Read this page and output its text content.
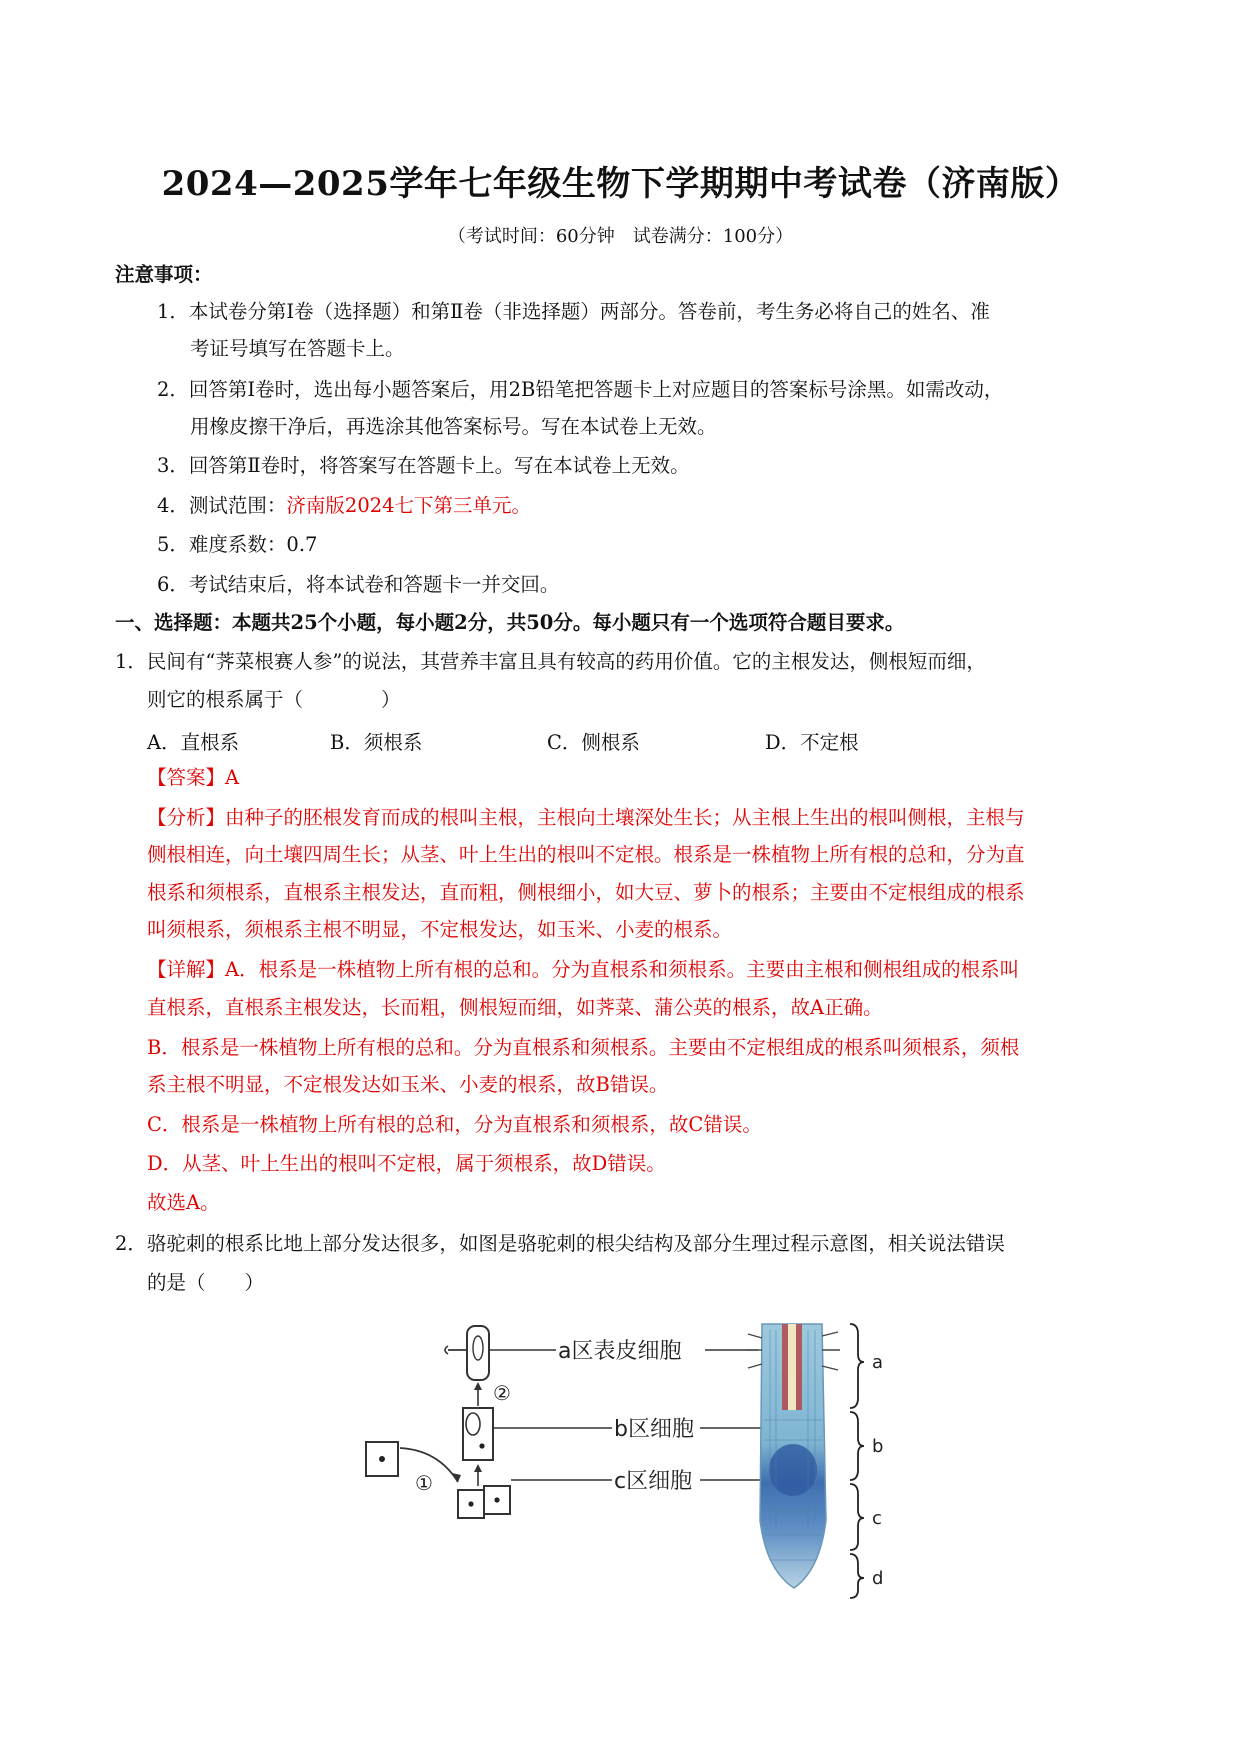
2024—2025学年七年级生物下学期期中考试卷（济南版）
（考试时间：60分钟　试卷满分：100分）
注意事项：
1．本试卷分第Ⅰ卷（选择题）和第Ⅱ卷（非选择题）两部分。答卷前，考生务必将自己的姓名、准
考证号填写在答题卡上。
2．回答第Ⅰ卷时，选出每小题答案后，用2B铅笔把答题卡上对应题目的答案标号涂黑。如需改动，
用橡皮擦干净后，再选涂其他答案标号。写在本试卷上无效。
3．回答第Ⅱ卷时，将答案写在答题卡上。写在本试卷上无效。
4．测试范围：济南版2024七下第三单元。
5．难度系数：0.7
6．考试结束后，将本试卷和答题卡一并交回。
一、选择题：本题共25个小题，每小题2分，共50分。每小题只有一个选项符合题目要求。
1．民间有“荠菜根赛人参”的说法，其营养丰富且具有较高的药用价值。它的主根发达，侧根短而细，
则它的根系属于（　　　　）
A．直根系	B．须根系	C．侧根系	D．不定根
【答案】A
【分析】由种子的胚根发育而成的根叫主根，主根向土壤深处生长；从主根上生出的根叫侧根，主根与
侧根相连，向土壤四周生长；从茎、叶上生出的根叫不定根。根系是一株植物上所有根的总和，分为直
根系和须根系，直根系主根发达，直而粗，侧根细小，如大豆、萝卜的根系；主要由不定根组成的根系
叫须根系，须根系主根不明显，不定根发达，如玉米、小麦的根系。
【详解】A．根系是一株植物上所有根的总和。分为直根系和须根系。主要由主根和侧根组成的根系叫
直根系，直根系主根发达，长而粗，侧根短而细，如荠菜、蒲公英的根系，故A正确。
B．根系是一株植物上所有根的总和。分为直根系和须根系。主要由不定根组成的根系叫须根系，须根
系主根不明显，不定根发达如玉米、小麦的根系，故B错误。
C．根系是一株植物上所有根的总和，分为直根系和须根系，故C错误。
D．从茎、叶上生出的根叫不定根，属于须根系，故D错误。
故选A。
2．骆驼刺的根系比地上部分发达很多，如图是骆驼刺的根尖结构及部分生理过程示意图，相关说法错误
的是（　　）
①
②
a区表皮细胞
b区细胞
c区细胞
a
b
c
d
